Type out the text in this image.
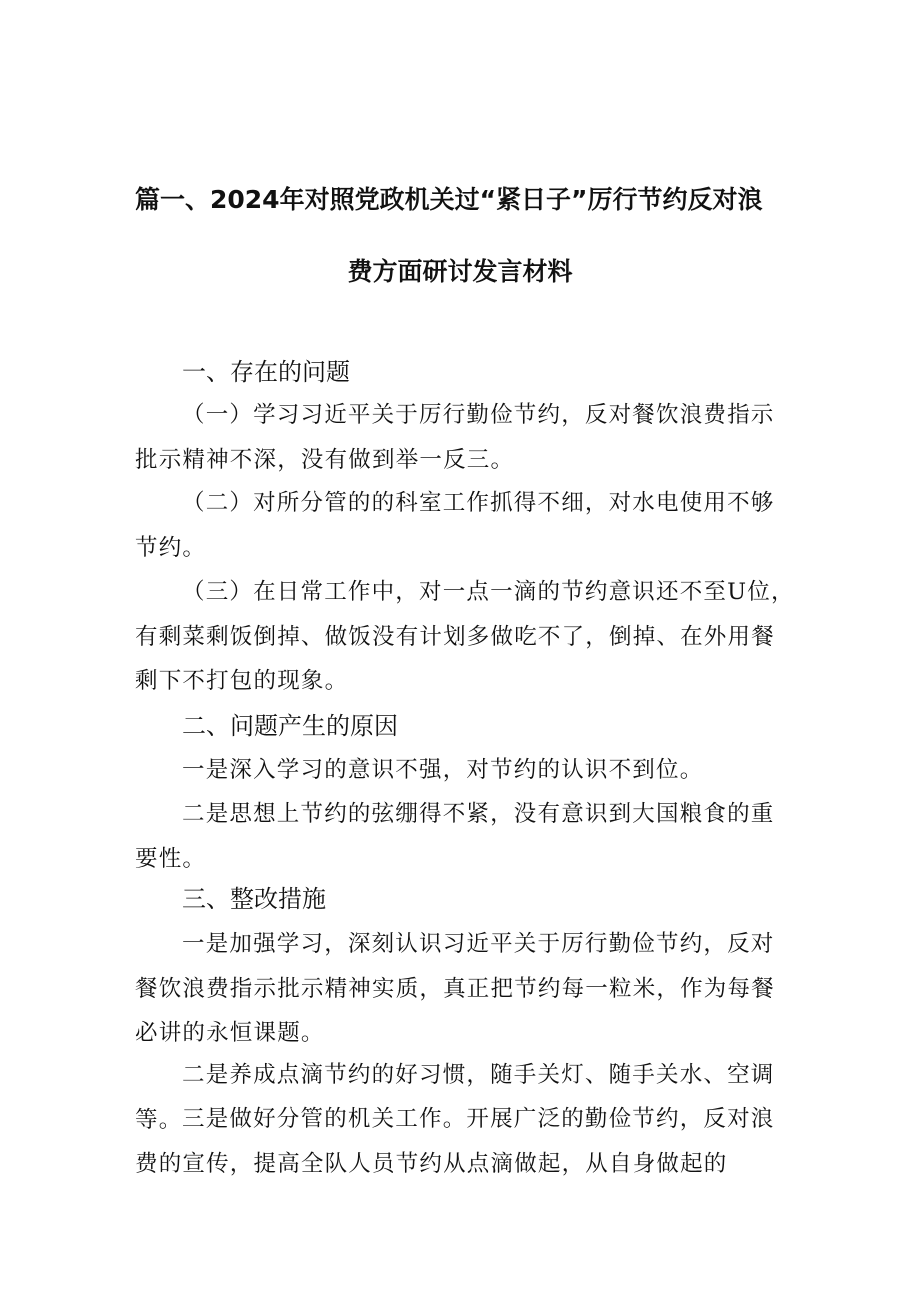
篇一、2024年对照党政机关过“紧日子”厉行节约反对浪
费方面研讨发言材料
一、存在的问题
（一）学习习近平关于厉行勤俭节约，反对餐饮浪费指示批示精神不深，没有做到举一反三。
（二）对所分管的的科室工作抓得不细，对水电使用不够节约。
（三）在日常工作中，对一点一滴的节约意识还不至U位，有剩菜剩饭倒掉、做饭没有计划多做吃不了，倒掉、在外用餐剩下不打包的现象。
二、问题产生的原因
一是深入学习的意识不强，对节约的认识不到位。
二是思想上节约的弦绷得不紧，没有意识到大国粮食的重要性。
三、整改措施
一是加强学习，深刻认识习近平关于厉行勤俭节约，反对餐饮浪费指示批示精神实质，真正把节约每一粒米，作为每餐必讲的永恒课题。
二是养成点滴节约的好习惯，随手关灯、随手关水、空调等。 三是做好分管的机关工作。开展广泛的勤俭节约，反对浪费的宣传，提高全队人员节约从点滴做起，从自身做起的
